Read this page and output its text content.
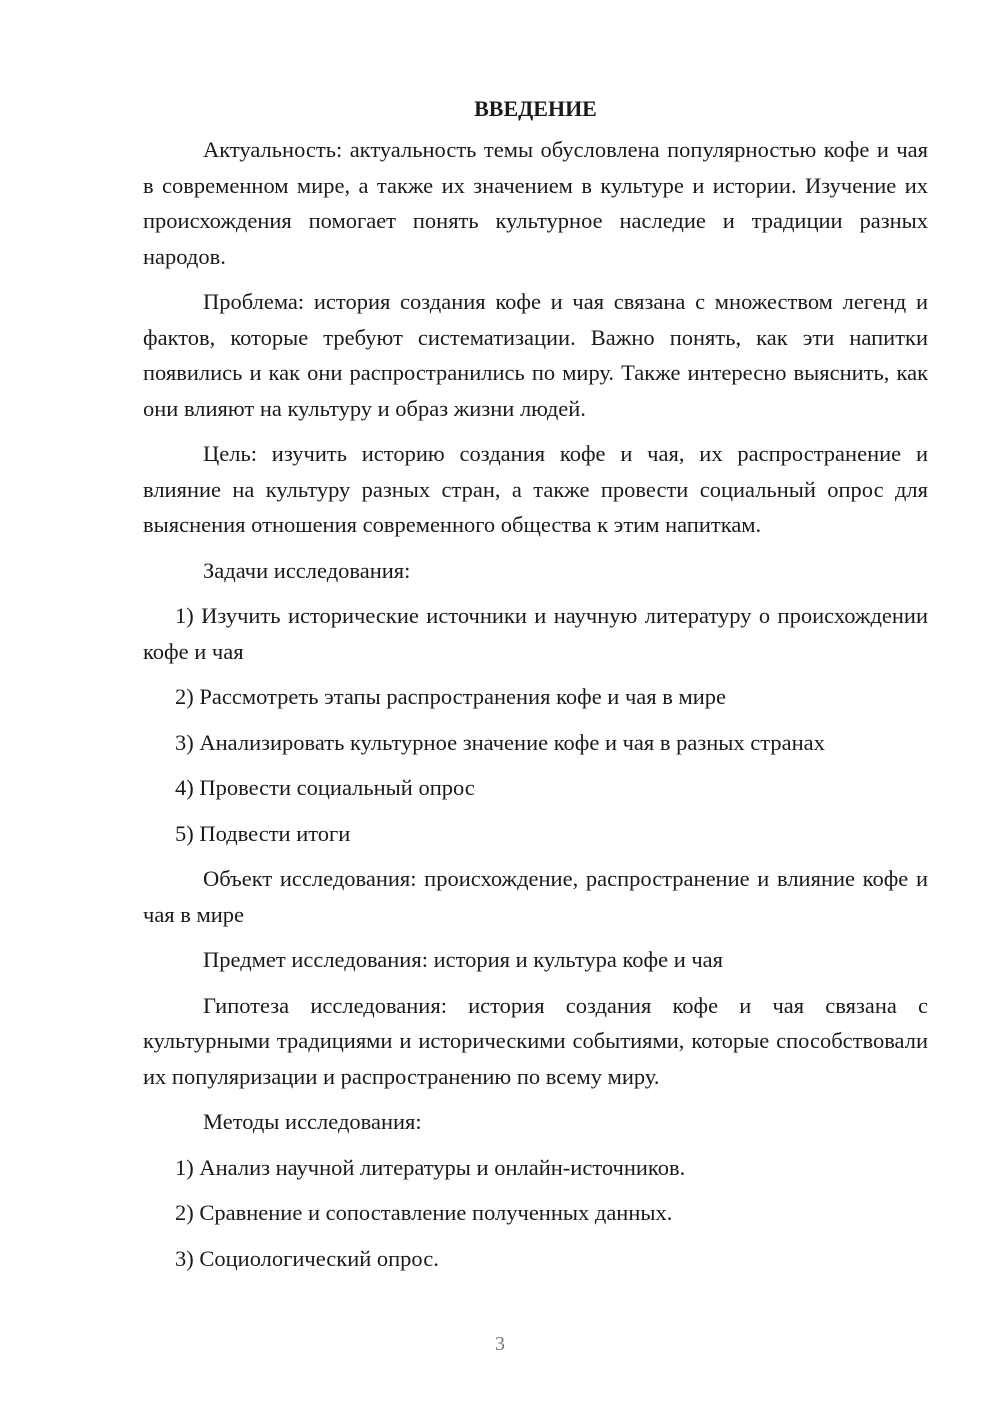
ВВЕДЕНИЕ

Актуальность: актуальность темы обусловлена популярностью кофе и чая в современном мире, а также их значением в культуре и истории. Изучение их происхождения помогает понять культурное наследие и традиции разных народов.

Проблема: история создания кофе и чая связана с множеством легенд и фактов, которые требуют систематизации. Важно понять, как эти напитки появились и как они распространились по миру. Также интересно выяснить, как они влияют на культуру и образ жизни людей.

Цель: изучить историю создания кофе и чая, их распространение и влияние на культуру разных стран, а также провести социальный опрос для выяснения отношения современного общества к этим напиткам.

Задачи исследования:

1) Изучить исторические источники и научную литературу о происхождении кофе и чая

2) Рассмотреть этапы распространения кофе и чая в мире

3) Анализировать культурное значение кофе и чая в разных странах

4) Провести социальный опрос

5) Подвести итоги

Объект исследования: происхождение, распространение и влияние кофе и чая в мире

Предмет исследования: история и культура кофе и чая

Гипотеза исследования: история создания кофе и чая связана с культурными традициями и историческими событиями, которые способствовали их популяризации и распространению по всему миру.

Методы исследования:

1) Анализ научной литературы и онлайн-источников.

2) Сравнение и сопоставление полученных данных.

3) Социологический опрос.

3
